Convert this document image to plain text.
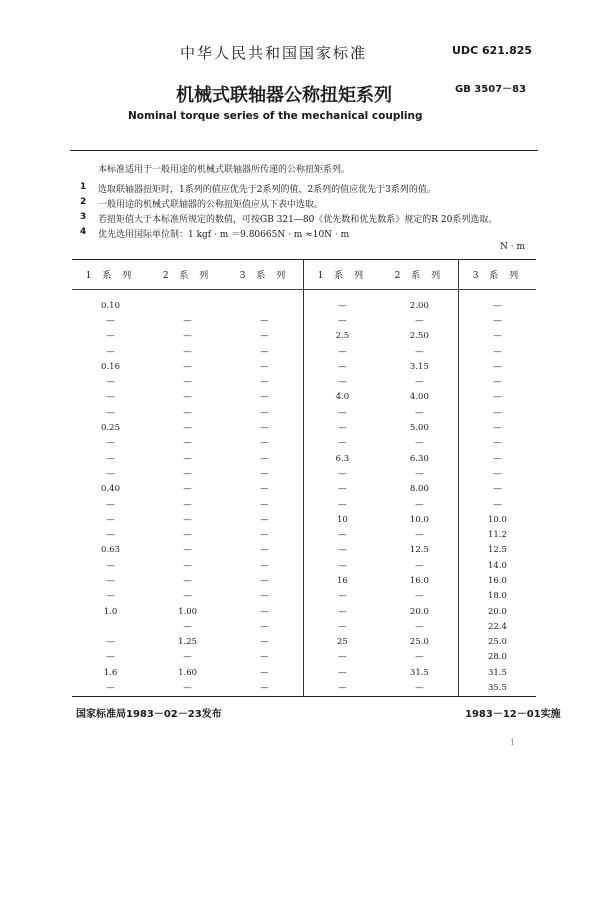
中华人民共和国国家标准	UDC 621.825
GB 3507－83
机械式联轴器公称扭矩系列
Nominal torque series of the mechanical coupling
本标准适用于一般用途的机械式联轴器所传递的公称扭矩系列。
1 选取联轴器扭矩时，1系列的值应优先于2系列的值，2系列的值应优先于3系列的值。
2 一般用途的机械式联轴器的公称扭矩值应从下表中选取。
3 若扭矩值大于本标准所规定的数值，可按GB 321—80《优先数和优先数系》规定的R 20系列选取。
4 优先选用国际单位制：1 kgf · m ＝9.80665N · m ≈10N · m
N · m
1 系 列	2 系 列	3 系 列	1 系 列	2 系 列	3 系 列
0.10			—	2.00	—
—	—	—	—	—	—
—	—	—	2.5	2.50	—
—	—	—	—	—	—
0.16	—	—	—	3.15	—
—	—	—	—	—	—
—	—	—	4.0	4.00	—
—	—	—	—	—	—
0.25	—	—	—	5.00	—
—	—	—	—	—	—
—	—	—	6.3	6.30	—
—	—	—	—	—	—
0.40	—	—	—	8.00	—
—	—	—	—	—	—
—	—	—	10	10.0	10.0
—	—	—	—	—	11.2
0.63	—	—	—	12.5	12.5
—	—	—	—	—	14.0
—	—	—	16	16.0	16.0
—	—	—	—	—	18.0
1.0	1.00	—	—	20.0	20.0
	—	—	—	—	22.4
—	1.25	—	25	25.0	25.0
—	—	—	—	—	28.0
1.6	1.60	—	—	31.5	31.5
—	—	—	—	—	35.5
国家标准局1983－02－23发布	1983－12－01实施
1
